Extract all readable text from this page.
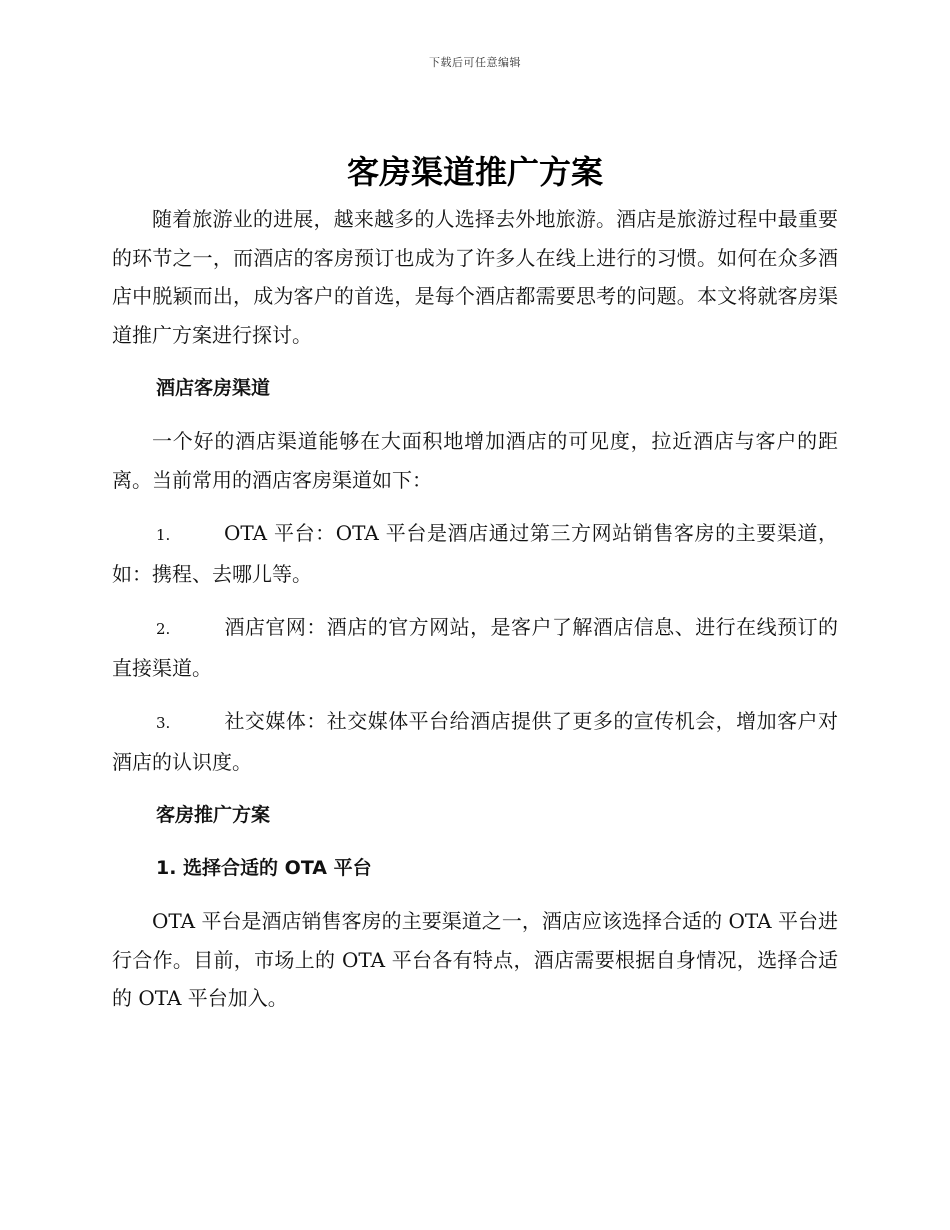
下载后可任意编辑
客房渠道推广方案

随着旅游业的进展，越来越多的人选择去外地旅游。酒店是旅游过程中最重要的环节之一，而酒店的客房预订也成为了许多人在线上进行的习惯。如何在众多酒店中脱颖而出，成为客户的首选，是每个酒店都需要思考的问题。本文将就客房渠道推广方案进行探讨。

酒店客房渠道

一个好的酒店渠道能够在大面积地增加酒店的可见度，拉近酒店与客户的距离。当前常用的酒店客房渠道如下：

1.	OTA 平台：OTA 平台是酒店通过第三方网站销售客房的主要渠道，如：携程、去哪儿等。

2.	酒店官网：酒店的官方网站，是客户了解酒店信息、进行在线预订的直接渠道。

3.	社交媒体：社交媒体平台给酒店提供了更多的宣传机会，增加客户对酒店的认识度。

客房推广方案
1. 选择合适的 OTA 平台

OTA 平台是酒店销售客房的主要渠道之一，酒店应该选择合适的 OTA 平台进行合作。目前，市场上的 OTA 平台各有特点，酒店需要根据自身情况，选择合适的 OTA 平台加入。
